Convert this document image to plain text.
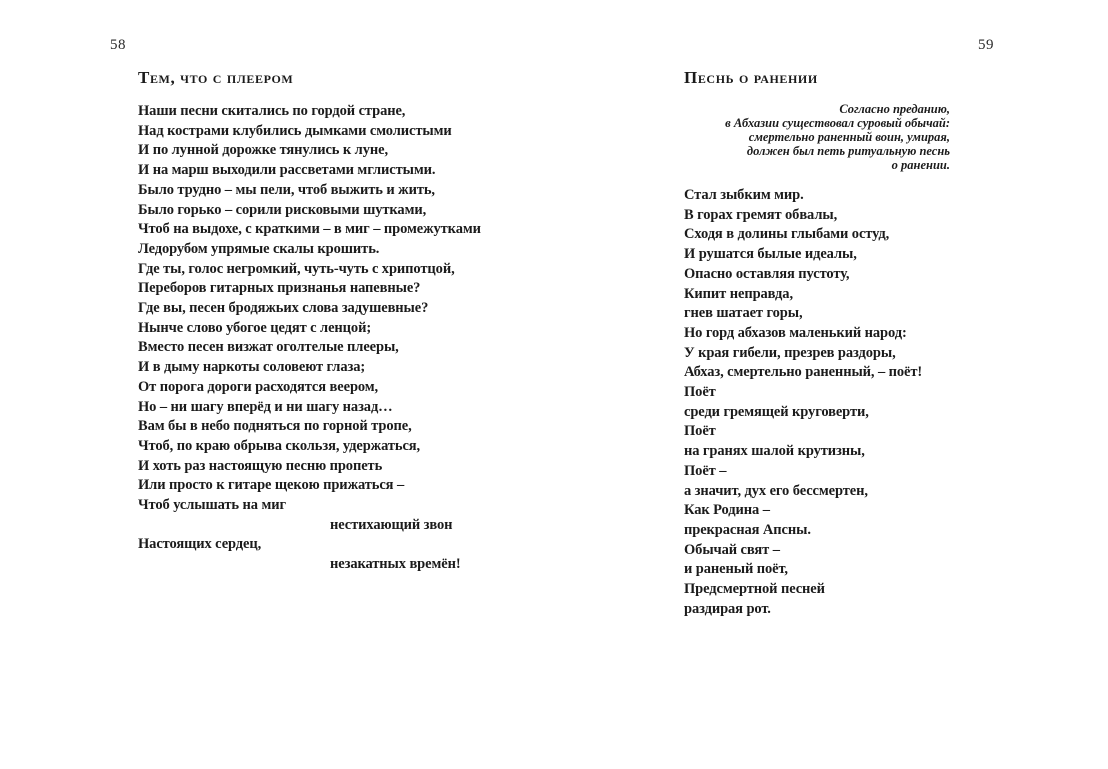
58	59
Тем, что с плеером
Наши песни скитались по гордой стране,
Над кострами клубились дымками смолистыми
И по лунной дорожке тянулись к луне,
И на марш выходили рассветами мглистыми.
Было трудно – мы пели, чтоб выжить и жить,
Было горько – сорили рисковыми шутками,
Чтоб на выдохе, с краткими – в миг – промежутками
Ледорубом упрямые скалы крошить.
Где ты, голос негромкий, чуть-чуть с хрипотцой,
Переборов гитарных признанья напевные?
Где вы, песен бродяжьих слова задушевные?
Нынче слово убогое цедят с ленцой;
Вместо песен визжат оголтелые плееры,
И в дыму наркоты соловеют глаза;
От порога дороги расходятся веером,
Но – ни шагу вперёд и ни шагу назад…
Вам бы в небо подняться по горной тропе,
Чтоб, по краю обрыва скользя, удержаться,
И хоть раз настоящую песню пропеть
Или просто к гитаре щекою прижаться –
Чтоб услышать на миг
нестихающий звон
Настоящих сердец,
незакатных времён!
Песнь о ранении
Согласно преданию,
в Абхазии существовал суровый обычай:
смертельно раненный воин, умирая,
должен был петь ритуальную песнь
о ранении.
Стал зыбким мир.
В горах гремят обвалы,
Сходя в долины глыбами остуд,
И рушатся былые идеалы,
Опасно оставляя пустоту,
Кипит неправда,
гнев шатает горы,
Но горд абхазов маленький народ:
У края гибели, презрев раздоры,
Абхаз, смертельно раненный, – поёт!
Поёт
среди гремящей круговерти,
Поёт
на гранях шалой крутизны,
Поёт –
а значит, дух его бессмертен,
Как Родина –
прекрасная Апсны.
Обычай свят –
и раненый поёт,
Предсмертной песней
раздирая рот.
